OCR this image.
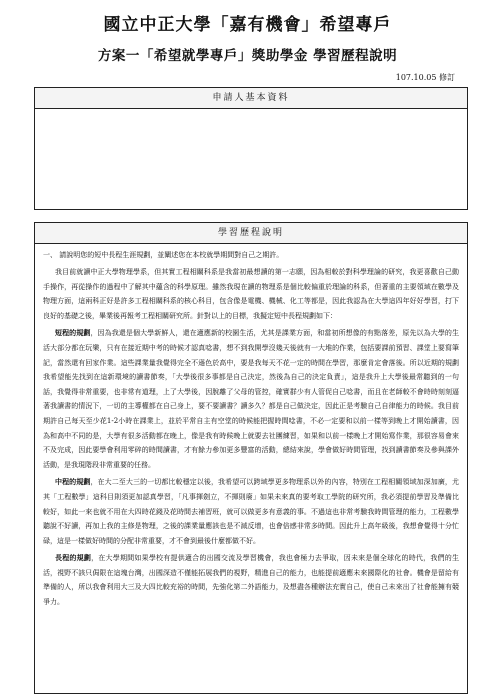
國立中正大學「嘉有機會」希望專戶
方案一「希望就學專戶」獎助學金 學習歷程說明
107.10.05 修訂
申請人基本資料
學習歷程說明
一、 請說明您的短中長程生涯規劃，並闡述您在本校就學期間對自己之期許。

我目前就讀中正大學物理學系，但其實工程相關科系是我當初最想讀的第一志願，因為相較於對科學理論的研究，我更喜歡自己動手操作，再從操作的過程中了解其中蘊含的科學原理。雖然我現在讀的物理系是個比較偏重於理論的科系，但著重的主要領域在數學及物理方面，這兩科正好是許多工程相關科系的核心科目，包含像是電機、機械、化工等都是，因此我認為在大學這四年好好學習，打下良好的基礎之後，畢業後再報考工程相關研究所。針對以上的目標，我擬定短中長程規劃如下：

短程的規劃，因為我還是個大學新鮮人，還在適應新的校園生活，尤其是課業方面，和當初所想像的有點落差，原先以為大學的生活大部分都在玩樂，只有在接近期中考的時候才認真唸書，想不到我開學沒幾天後就有一大堆的作業，包括要課前預習、課堂上要寫筆記，當然還有回家作業。這些課業量我覺得完全不遜色於高中，要是我每天不花一定的時間在學習，那麼肯定會落後。所以近期的規劃我希望能先找到在這新環境的讀書節奏，「大學後很多事都是自己決定，然後為自己的決定負責」，這是我升上大學後最常聽到的一句話，我覺得非常重要，也非常有道理，上了大學後，因脫離了父母的管控，確實群少有人管促自己唸書，而且在老師較不會時時刻刻逼著我讀書的情況下，一切的主導權都在自己身上，要不要讀書？讀多久？都是自己做決定，因此正是考驗自己自律能力的時候。我目前期許自己每天至少花1-2小時在課業上，並於平常自主有空堂的時候能把握時間唸書，不必一定要和以前一樣等到晚上才開始讀書，因為和高中不同的是，大學有很多活動都在晚上，像是我有時候晚上就要去社團練習，如果和以前一樣晚上才開始寫作業，那很容易會來不及完成，因此要學會利用零碎的時間讀書，才有餘力參加更多豐富的活動，總結來說，學會做好時間管理，找到讀書節奏及參與課外活動，是我現階段非常重要的任務。

中程的規劃，在大二至大三的一切都比較穩定以後，我希望可以跨域學更多物理系以外的內容，特別在工程相關領域加深加廣，尤其「工程數學」這科目則須更加認真學習，「凡事揮劍立，不揮則廢」如果未來真的要考取工學院的研究所，我必須提前學習及準備比較好，如此一來也就不用在大四時花錢及花時間去補習班，就可以做更多有意義的事。不過這也非常考驗我時間管理的能力，工程數學聽說不好讀，再加上我的主修是物理，之後的課業量應該也是不減反增，也會倍感非常多時間。因此升上高年級後，我想會覺得十分忙碌，這是一樣做好時間的分配非常重要，才不會到最後什麼都做不好。

長程的規劃，在大學期間如果學校有提供適合的出國交流及學習機會，我也會極力去爭取，因未來是個全球化的時代，我們的生活，視野不該只侷限在這塊台灣，出國深造不僅能拓展我們的視野，精進自己的能力，也能提前適應未來國際化的社會。機會是留給有準備的人，所以我會利用大三及大四比較充裕的時間，先強化第二外語能力，及想盡各種辦法充實自己，使自己未來出了社會能擁有競爭力。
